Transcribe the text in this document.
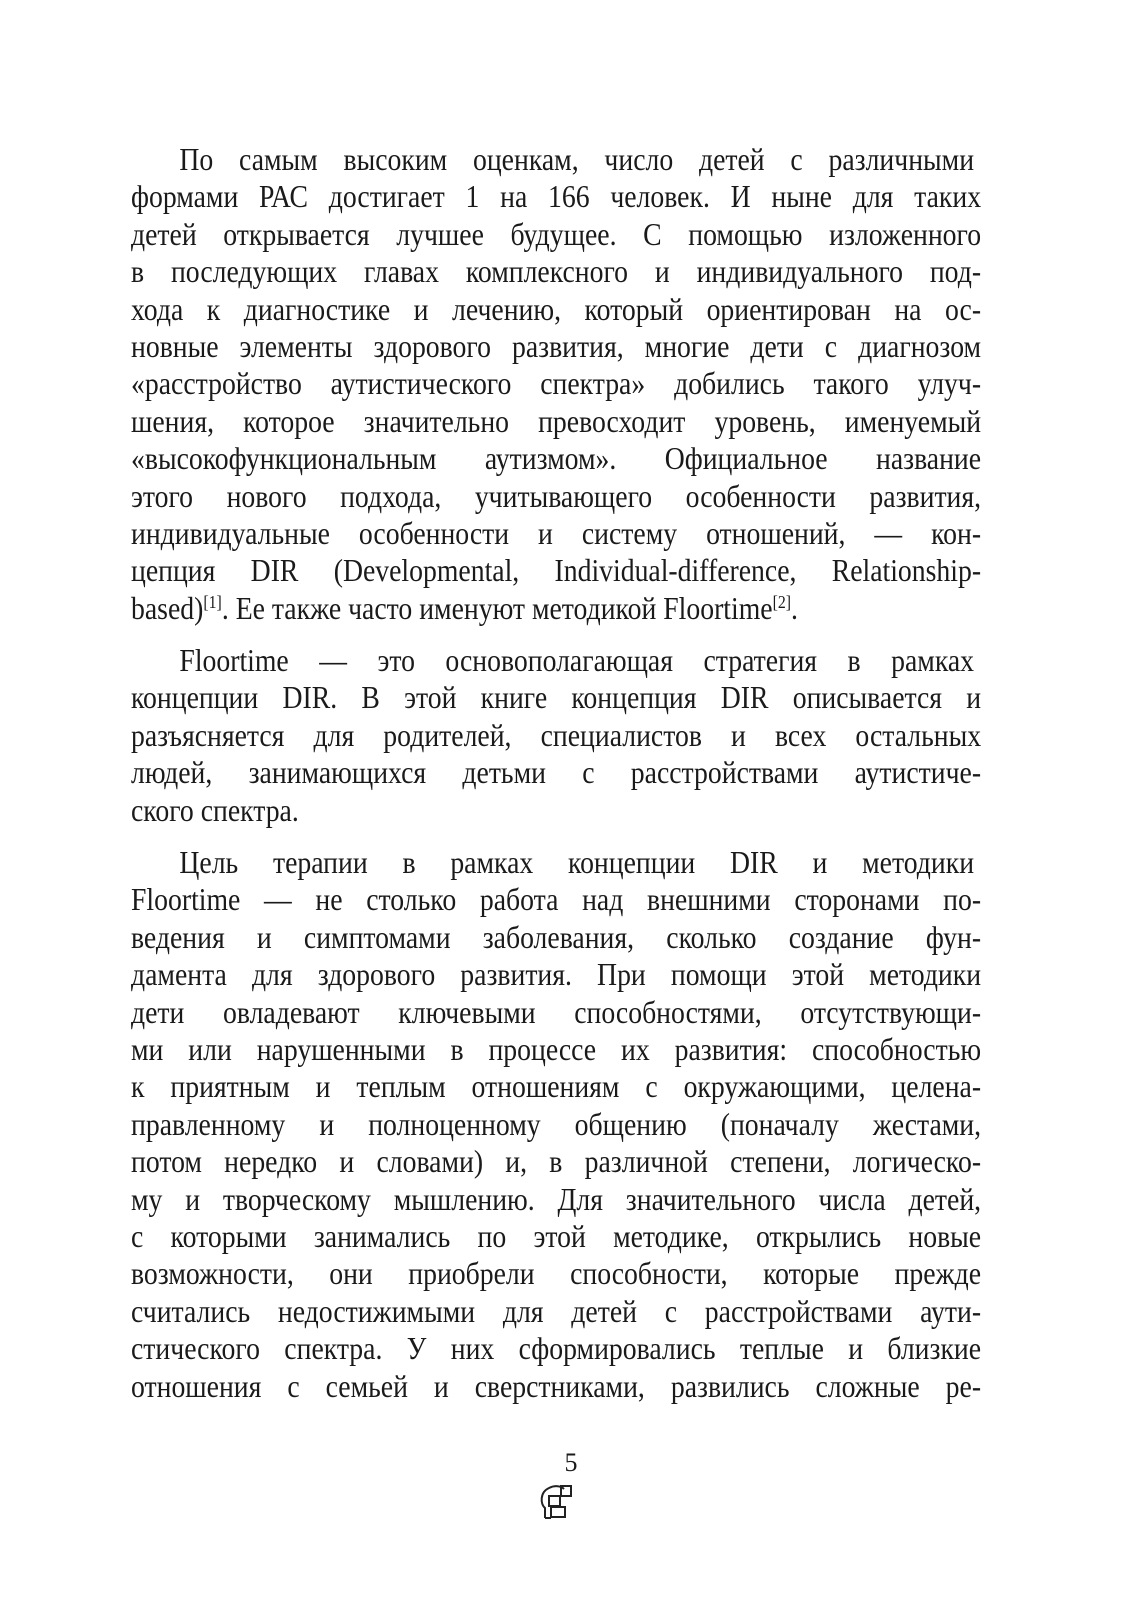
По самым высоким оценкам, число детей с различными
формами РАС достигает 1 на 166 человек. И ныне для таких
детей открывается лучшее будущее. С помощью изложенного
в последующих главах комплексного и индивидуального под-
хода к диагностике и лечению, который ориентирован на ос-
новные элементы здорового развития, многие дети с диагнозом
«расстройство аутистического спектра» добились такого улуч-
шения, которое значительно превосходит уровень, именуемый
«высокофункциональным аутизмом». Официальное название
этого нового подхода, учитывающего особенности развития,
индивидуальные особенности и систему отношений, — кон-
цепция DIR (Developmental, Individual-difference, Relationship-
based)[1]. Ее также часто именуют методикой Floortime[2].
Floortime — это основополагающая стратегия в рамках
концепции DIR. В этой книге концепция DIR описывается и
разъясняется для родителей, специалистов и всех остальных
людей, занимающихся детьми с расстройствами аутистиче-
ского спектра.
Цель терапии в рамках концепции DIR и методики
Floortime — не столько работа над внешними сторонами по-
ведения и симптомами заболевания, сколько создание фун-
дамента для здорового развития. При помощи этой методики
дети овладевают ключевыми способностями, отсутствующи-
ми или нарушенными в процессе их развития: способностью
к приятным и теплым отношениям с окружающими, целена-
правленному и полноценному общению (поначалу жестами,
потом нередко и словами) и, в различной степени, логическо-
му и творческому мышлению. Для значительного числа детей,
с которыми занимались по этой методике, открылись новые
возможности, они приобрели способности, которые прежде
считались недостижимыми для детей с расстройствами аути-
стического спектра. У них сформировались теплые и близкие
отношения с семьей и сверстниками, развились сложные ре-
5
